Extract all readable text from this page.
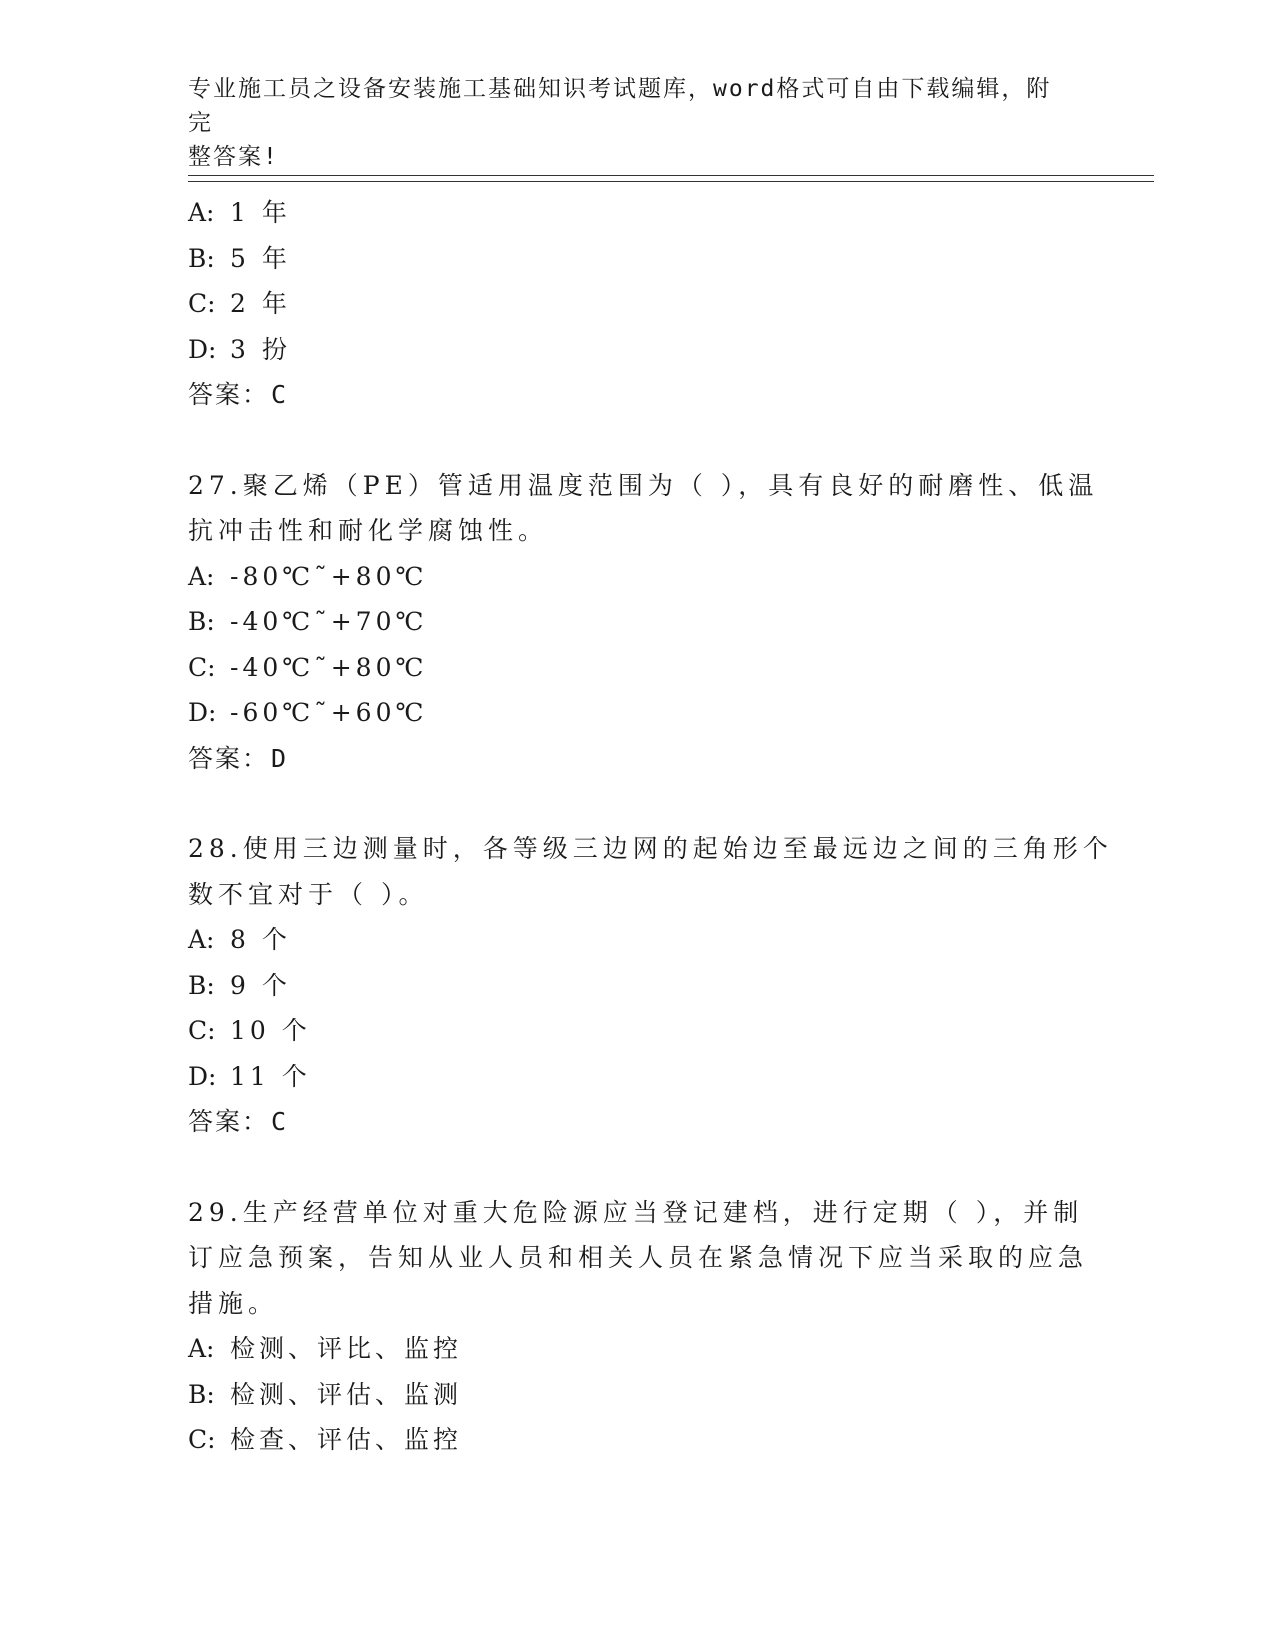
专业施工员之设备安装施工基础知识考试题库，word格式可自由下载编辑，附完
整答案!
A: 1 年
B: 5 年
C: 2 年
D: 3 扮
答案：C
27.聚乙烯（PE）管适用温度范围为（ ），具有良好的耐磨性、低温
抗冲击性和耐化学腐蚀性。
A: -80℃˜+80℃
B: -40℃˜+70℃
C: -40℃˜+80℃
D: -60℃˜+60℃
答案：D
28.使用三边测量时，各等级三边网的起始边至最远边之间的三角形个
数不宜对于（ ）。
A: 8 个
B: 9 个
C: 10 个
D: 11 个
答案：C
29.生产经营单位对重大危险源应当登记建档，进行定期（ ），并制
订应急预案，告知从业人员和相关人员在紧急情况下应当采取的应急
措施。
A: 检测、评比、监控
B: 检测、评估、监测
C: 检查、评估、监控
